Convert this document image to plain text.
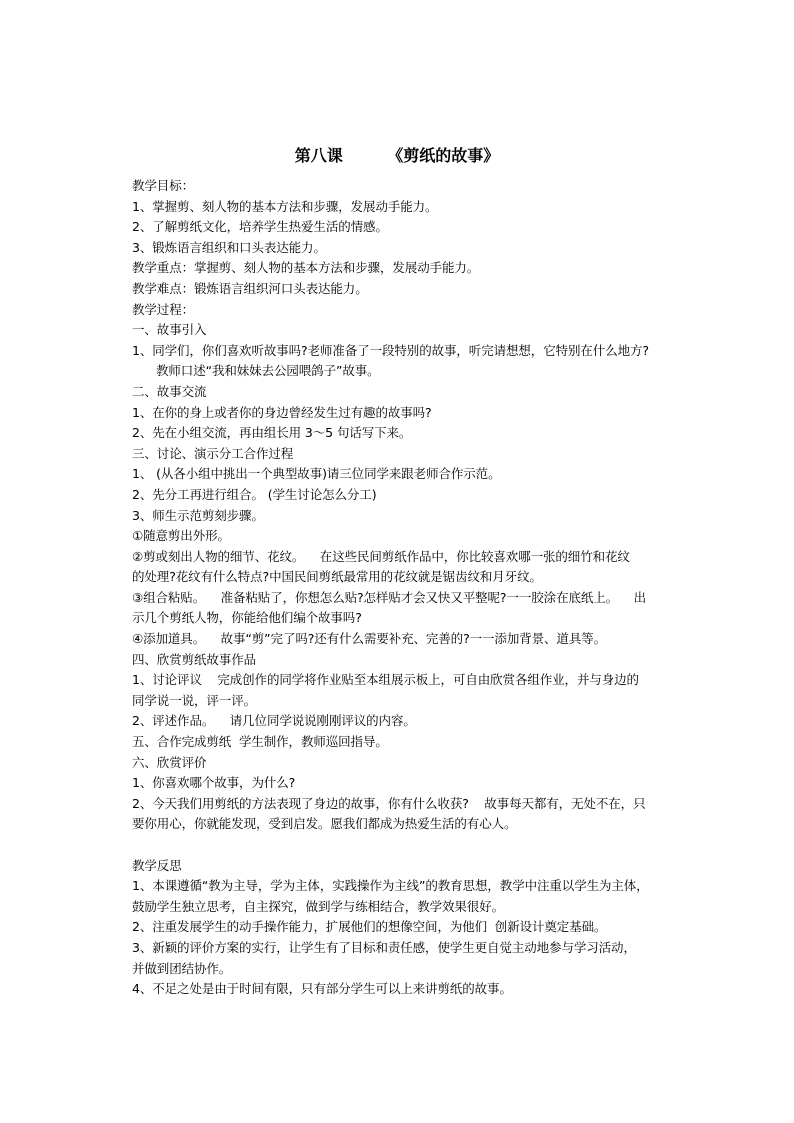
第八课        《剪纸的故事》

教学目标：

1、掌握剪、刻人物的基本方法和步骤，发展动手能力。

2、了解剪纸文化，培养学生热爱生活的情感。

3、锻炼语言组织和口头表达能力。

教学重点：掌握剪、刻人物的基本方法和步骤，发展动手能力。

教学难点：锻炼语言组织河口头表达能力。

教学过程：

一、故事引入

1、同学们，你们喜欢听故事吗?老师准备了一段特别的故事，听完请想想，它特别在什么地方?

教师口述“我和妹妹去公园喂鸽子”故事。

二、故事交流

1、在你的身上或者你的身边曾经发生过有趣的故事吗?

2、先在小组交流，再由组长用 3～5 句话写下来。

三、讨论、演示分工合作过程

1、 (从各小组中挑出一个典型故事)请三位同学来跟老师合作示范。

2、先分工再进行组合。 (学生讨论怎么分工)

3、师生示范剪刻步骤。

①随意剪出外形。

②剪或刻出人物的细节、花纹。    在这些民间剪纸作品中，你比较喜欢哪一张的细竹和花纹

的处理?花纹有什么特点?中国民间剪纸最常用的花纹就是锯齿纹和月牙纹。

③组合粘贴。    准备粘贴了，你想怎么贴?怎样贴才会又快又平整呢?一一胶涂在底纸上。    出

示几个剪纸人物，你能给他们编个故事吗?

④添加道具。    故事“剪”完了吗?还有什么需要补充、完善的?一一添加背景、道具等。

四、欣赏剪纸故事作品

1、讨论评议    完成创作的同学将作业贴至本组展示板上，可自由欣赏各组作业，并与身边的

同学说一说，评一评。

2、评述作品。    请几位同学说说刚刚评议的内容。

五、合作完成剪纸  学生制作，教师巡回指导。

六、欣赏评价

1、你喜欢哪个故事，为什么?

2、今天我们用剪纸的方法表现了身边的故事，你有什么收获?    故事每天都有，无处不在，只

要你用心，你就能发现，受到启发。愿我们都成为热爱生活的有心人。

教学反思

1、本课遵循“教为主导，学为主体，实践操作为主线”的教育思想，教学中注重以学生为主体，

鼓励学生独立思考，自主探究，做到学与练相结合，教学效果很好。

2、注重发展学生的动手操作能力，扩展他们的想像空间，为他们  创新设计奠定基础。

3、新颖的评价方案的实行，让学生有了目标和责任感，使学生更自觉主动地参与学习活动，

并做到团结协作。

4、不足之处是由于时间有限，只有部分学生可以上来讲剪纸的故事。
